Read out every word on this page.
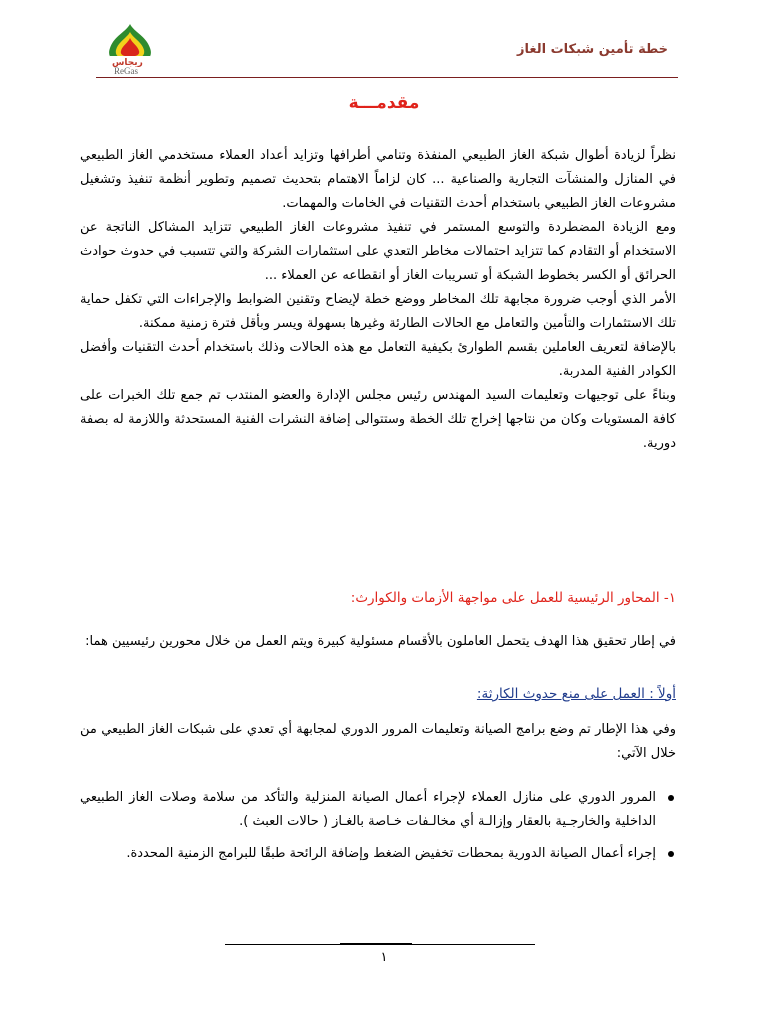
خطة تأمين شبكات الغاز
ريجاس
ReGas
مقدمـــة

نظراً لزيادة أطوال شبكة الغاز الطبيعي المنفذة وتنامي أطرافها وتزايد أعداد العملاء مستخدمي الغاز الطبيعي في المنازل والمنشآت التجارية والصناعية ... كان لزاماً الاهتمام بتحديث تصميم وتطوير أنظمة تنفيذ وتشغيل مشروعات الغاز الطبيعي باستخدام أحدث التقنيات في الخامات والمهمات.

ومع الزيادة المضطردة والتوسع المستمر في تنفيذ مشروعات الغاز الطبيعي تتزايد المشاكل الناتجة عن الاستخدام أو التقادم كما تتزايد احتمالات مخاطر التعدي على استثمارات الشركة والتي تتسبب في حدوث حوادث الحرائق أو الكسر بخطوط الشبكة أو تسريبات الغاز أو انقطاعه عن العملاء ...

الأمر الذي أوجب ضرورة مجابهة تلك المخاطر ووضع خطة لإيضاح وتقنين الضوابط والإجراءات التي تكفل حماية تلك الاستثمارات والتأمين والتعامل مع الحالات الطارئة وغيرها بسهولة ويسر وبأقل فترة زمنية ممكنة.

بالإضافة لتعريف العاملين بقسم الطوارئ بكيفية التعامل مع هذه الحالات وذلك باستخدام أحدث التقنيات وأفضل الكوادر الفنية المدربة.

وبناءً على توجيهات وتعليمات السيد المهندس رئيس مجلس الإدارة والعضو المنتدب تم جمع تلك الخبرات على كافة المستويات وكان من نتاجها إخراج تلك الخطة وستتوالى إضافة النشرات الفنية المستحدثة واللازمة له بصفة دورية.

١- المحاور الرئيسية للعمل على مواجهة الأزمات والكوارث:

في إطار تحقيق هذا الهدف يتحمل العاملون بالأقسام مسئولية كبيرة ويتم العمل من خلال محورين رئيسيين هما:

أولاً : العمل على منع حدوث الكارثة:

وفي هذا الإطار تم وضع برامج الصيانة وتعليمات المرور الدوري لمجابهة أي تعدي على شبكات الغاز الطبيعي من خلال الآتي:

المرور الدوري على منازل العملاء لإجراء أعمال الصيانة المنزلية والتأكد من سلامة وصلات الغاز الطبيعي الداخلية والخارجـية بالعقار وإزالـة أي مخالـفات خـاصة بالغـاز ( حالات العبث ).
إجراء أعمال الصيانة الدورية بمحطات تخفيض الضغط وإضافة الرائحة طبقًا للبرامج الزمنية المحددة.
١
